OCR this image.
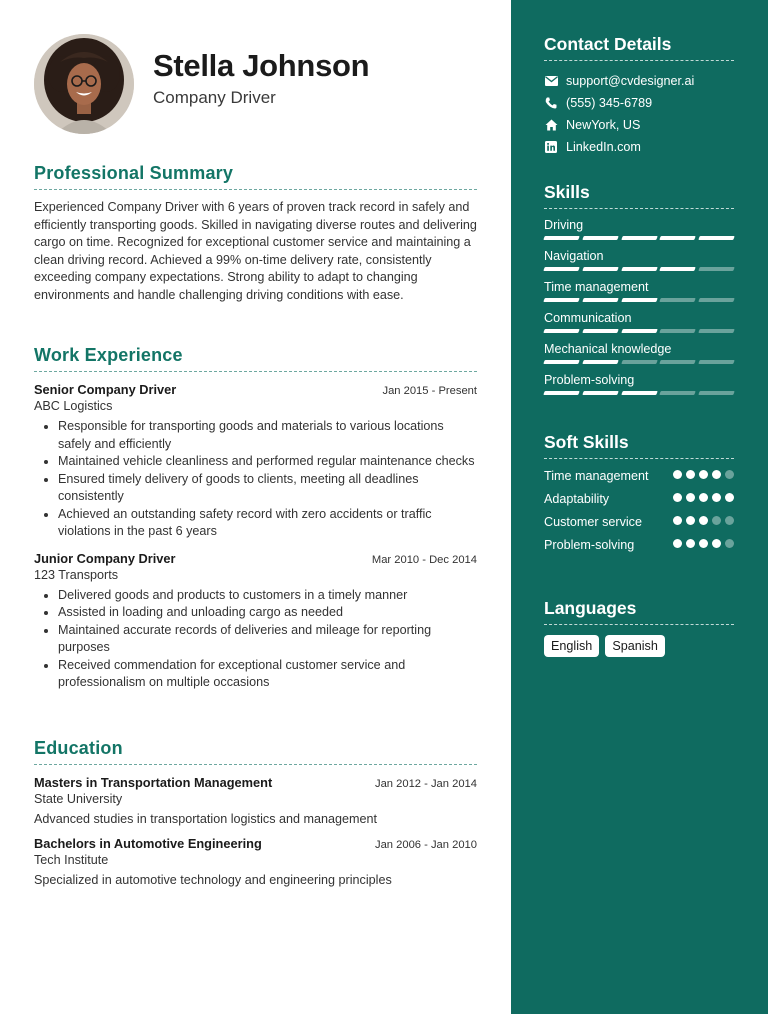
Stella Johnson
Company Driver
Professional Summary
Experienced Company Driver with 6 years of proven track record in safely and efficiently transporting goods. Skilled in navigating diverse routes and delivering cargo on time. Recognized for exceptional customer service and maintaining a clean driving record. Achieved a 99% on-time delivery rate, consistently exceeding company expectations. Strong ability to adapt to changing environments and handle challenging driving conditions with ease.
Work Experience
Senior Company Driver	Jan 2015 - Present
ABC Logistics
• Responsible for transporting goods and materials to various locations safely and efficiently
• Maintained vehicle cleanliness and performed regular maintenance checks
• Ensured timely delivery of goods to clients, meeting all deadlines consistently
• Achieved an outstanding safety record with zero accidents or traffic violations in the past 6 years
Junior Company Driver	Mar 2010 - Dec 2014
123 Transports
• Delivered goods and products to customers in a timely manner
• Assisted in loading and unloading cargo as needed
• Maintained accurate records of deliveries and mileage for reporting purposes
• Received commendation for exceptional customer service and professionalism on multiple occasions
Education
Masters in Transportation Management	Jan 2012 - Jan 2014
State University
Advanced studies in transportation logistics and management
Bachelors in Automotive Engineering	Jan 2006 - Jan 2010
Tech Institute
Specialized in automotive technology and engineering principles
Contact Details
support@cvdesigner.ai
(555) 345-6789
NewYork, US
LinkedIn.com
Skills
Driving
Navigation
Time management
Communication
Mechanical knowledge
Problem-solving
Soft Skills
Time management
Adaptability
Customer service
Problem-solving
Languages
English	Spanish
